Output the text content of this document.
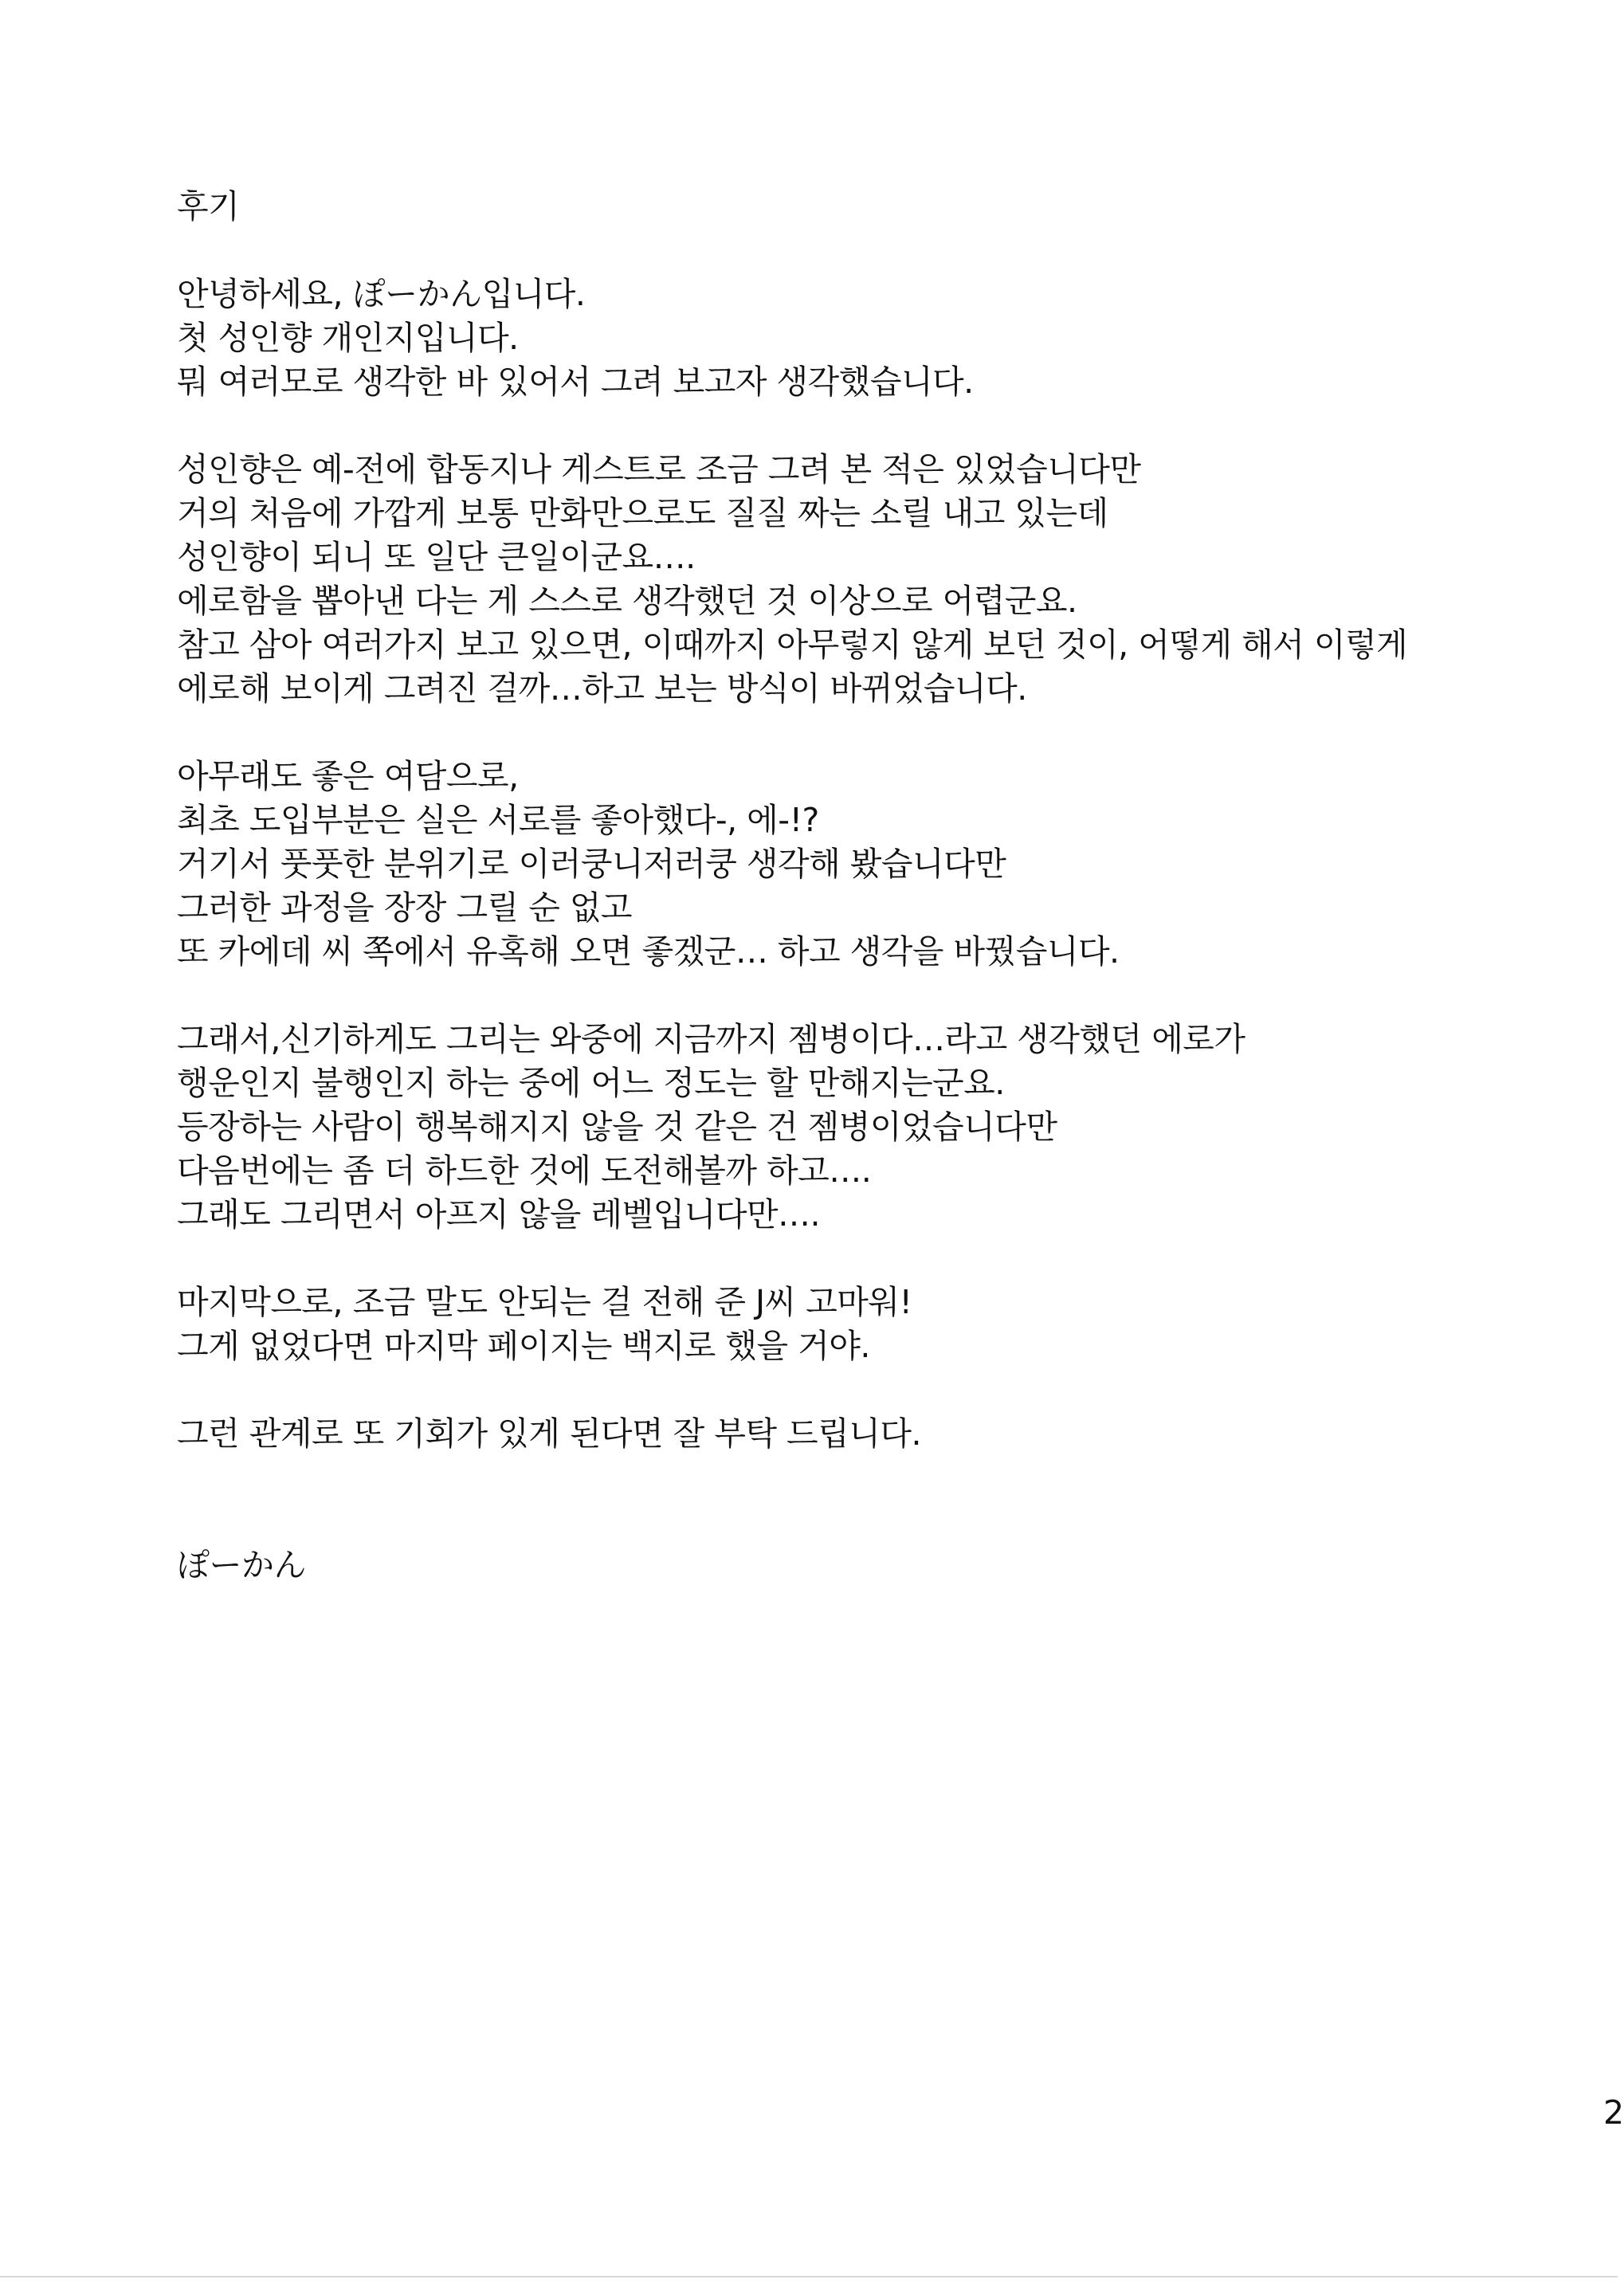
후기
안녕하세요, ぽーかん입니다.
첫 성인향 개인지입니다.
뭐 여러모로 생각한 바 있어서 그려 보고자 생각했습니다.
성인향은 예-전에 합동지나 게스트로 조금 그려 본 적은 있었습니다만
거의 처음에 가깝게 보통 만화만으로도 질질 짜는 소릴 내고 있는데
성인향이 되니 또 일단 큰일이군요….
에로함을 뽑아낸 다는 게 스스로 생각했던 것 이상으로 어렵군요.
참고 삼아 여러가지 보고 있으면, 이때까지 아무렇지 않게 보던 것이, 어떻게 해서 이렇게
에로해 보이게 그려진 걸까…하고 보는 방식이 바뀌었습니다.
아무래도 좋은 여담으로,
최초 도입부분은 실은 서로를 좋아했다-, 에-!?
거기서 풋풋한 분위기로 이러쿵니저러쿵 생각해 봤습니다만
그러한 과정을 장장 그릴 순 없고
또 카에데 씨 쪽에서 유혹해 오면 좋겠군… 하고 생각을 바꿨습니다.
그래서,신기하게도 그리는 와중에 지금까지 젬병이다…라고 생각했던 에로가
행운인지 불행인지 하는 중에 어느 정도는 할 만해지는군요.
등장하는 사람이 행복해지지 않을 것 같은 건 젬병이었습니다만
다음번에는 좀 더 하드한 것에 도전해볼까 하고….
그래도 그리면서 아프지 않을 레벨입니다만….
마지막으로, 조금 말도 안되는 걸 전해 준 J씨 고마워!
그게 없었다면 마지막 페이지는 백지로 했을 거야.
그런 관계로 또 기회가 있게 된다면 잘 부탁 드립니다.
ぽーかん
2
